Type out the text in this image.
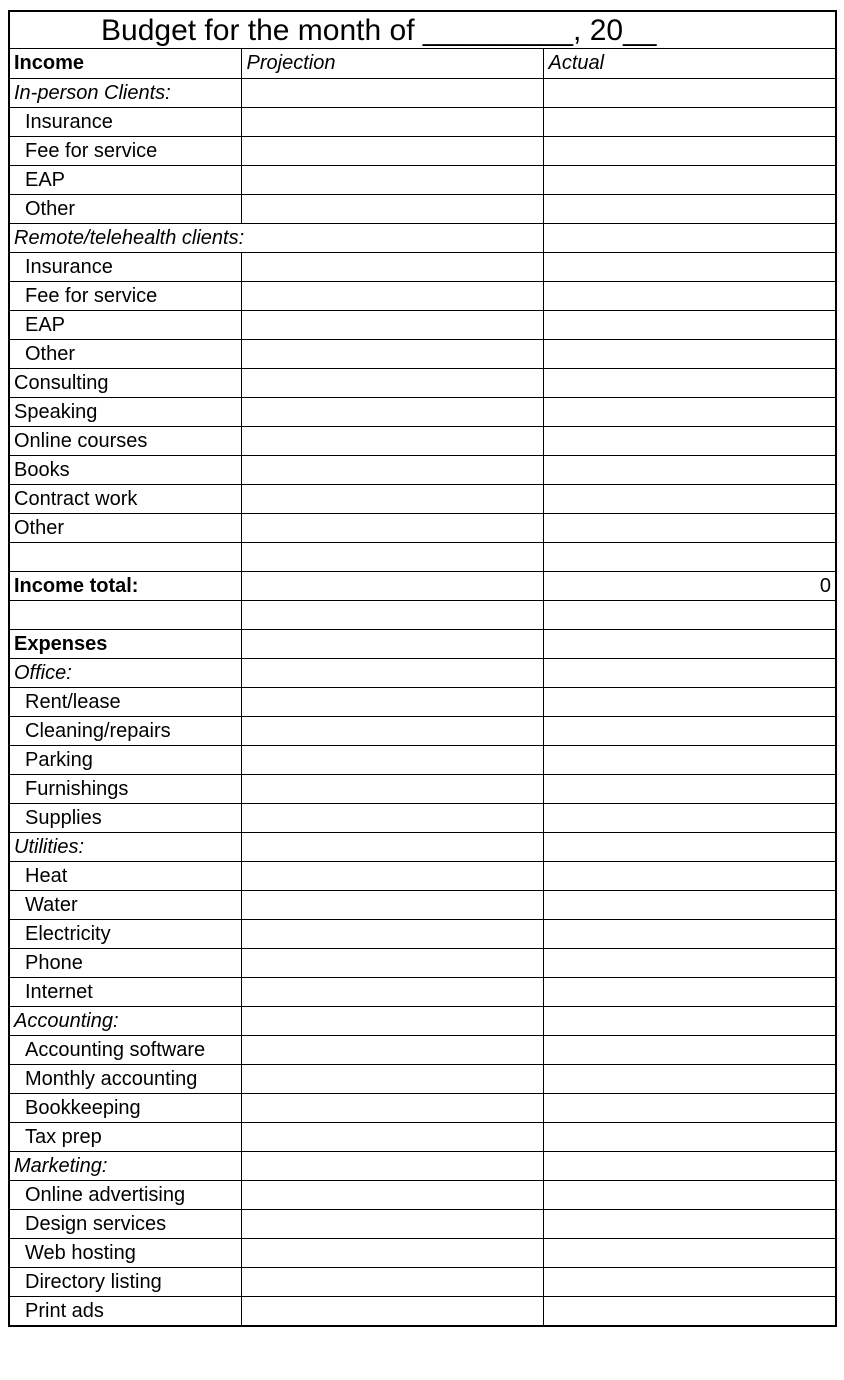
Budget for the month of _________, 20__
Income	Projection	Actual
In-person Clients:		
Insurance		
Fee for service		
EAP		
Other		
Remote/telehealth clients:		
Insurance		
Fee for service		
EAP		
Other		
Consulting		
Speaking		
Online courses		
Books		
Contract work		
Other		

Income total:		0

Expenses		
Office:		
Rent/lease		
Cleaning/repairs		
Parking		
Furnishings		
Supplies		
Utilities:		
Heat		
Water		
Electricity		
Phone		
Internet		
Accounting:		
Accounting software		
Monthly accounting		
Bookkeeping		
Tax prep		
Marketing:		
Online advertising		
Design services		
Web hosting		
Directory listing		
Print ads		
